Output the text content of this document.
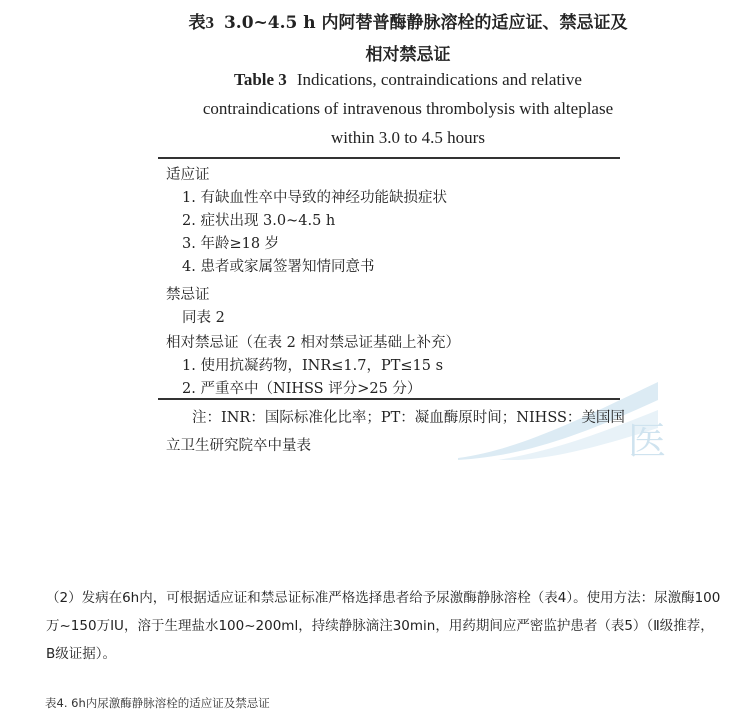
医
表3 3.0~4.5 h 内阿替普酶静脉溶栓的适应证、禁忌证及
相对禁忌证
Table 3 Indications, contraindications and relative
contraindications of intravenous thrombolysis with alteplase
within 3.0 to 4.5 hours
适应证
1. 有缺血性卒中导致的神经功能缺损症状
2. 症状出现 3.0~4.5 h
3. 年龄≥18 岁
4. 患者或家属签署知情同意书
禁忌证
同表 2
相对禁忌证（在表 2 相对禁忌证基础上补充）
1. 使用抗凝药物，INR≤1.7，PT≤15 s
2. 严重卒中（NIHSS 评分>25 分）
注：INR：国际标准化比率；PT：凝血酶原时间；NIHSS：美国国
立卫生研究院卒中量表
（2）发病在6h内，可根据适应证和禁忌证标准严格选择患者给予尿激酶静脉溶栓（表4）。使用方法：尿激酶100万~150万IU，溶于生理盐水100~200ml，持续静脉滴注30min，用药期间应严密监护患者（表5）（Ⅱ级推荐，B级证据）。
表4. 6h内尿激酶静脉溶栓的适应证及禁忌证
